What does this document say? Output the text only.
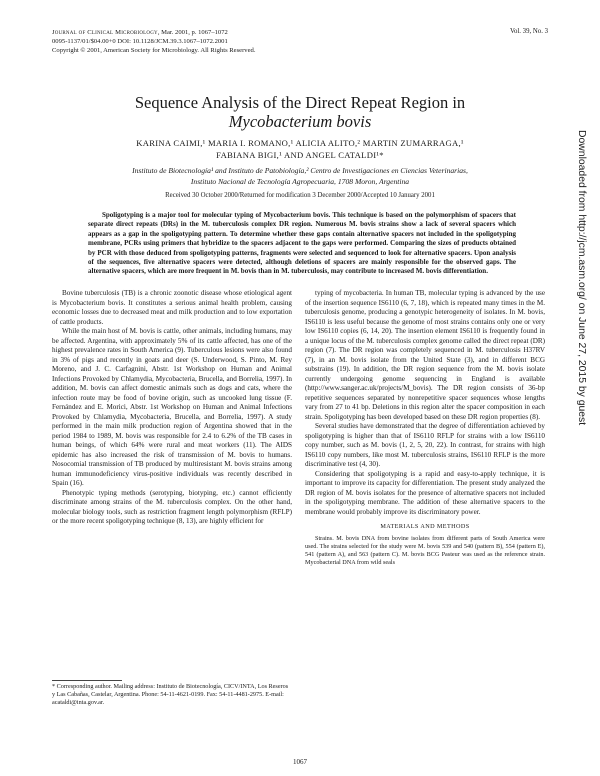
Journal of Clinical Microbiology, Mar. 2001, p. 1067–1072
0095-1137/01/$04.00+0 DOI: 10.1128/JCM.39.3.1067–1072.2001
Copyright © 2001, American Society for Microbiology. All Rights Reserved.
Vol. 39, No. 3
Sequence Analysis of the Direct Repeat Region in
Mycobacterium bovis
KARINA CAIMI,¹ MARIA I. ROMANO,¹ ALICIA ALITO,² MARTIN ZUMARRAGA,¹
FABIANA BIGI,¹ AND ANGEL CATALDI¹*
Instituto de Biotecnología¹ and Instituto de Patobiología,² Centro de Investigaciones en Ciencias Veterinarias,
Instituto Nacional de Tecnología Agropecuaria, 1708 Moron, Argentina
Received 30 October 2000/Returned for modification 3 December 2000/Accepted 10 January 2001

Spoligotyping is a major tool for molecular typing of Mycobacterium bovis. This technique is based on the polymorphism of spacers that separate direct repeats (DRs) in the M. tuberculosis complex DR region. Numerous M. bovis strains show a lack of several spacers which appears as a gap in the spoligotyping pattern. To determine whether these gaps contain alternative spacers not included in the spoligotyping membrane, PCRs using primers that hybridize to the spacers adjacent to the gaps were performed. Comparing the sizes of products obtained by PCR with those deduced from spoligotyping patterns, fragments were selected and sequenced to look for alternative spacers. Upon analysis of the sequences, five alternative spacers were detected, although deletions of spacers are mainly responsible for the observed gaps. The alternative spacers, which are more frequent in M. bovis than in M. tuberculosis, may contribute to increased M. bovis differentiation.

Bovine tuberculosis (TB) is a chronic zoonotic disease whose etiological agent is Mycobacterium bovis. It constitutes a serious animal health problem, causing economic losses due to decreased meat and milk production and to low exportation of cattle products.

While the main host of M. bovis is cattle, other animals, including humans, may be affected. Argentina, with approximately 5% of its cattle affected, has one of the highest prevalence rates in South America (9). Tuberculous lesions were also found in 3% of pigs and recently in goats and deer (S. Underwood, S. Pinto, M. Rey Moreno, and J. C. Carfagnini, Abstr. 1st Workshop on Human and Animal Infections Provoked by Chlamydia, Mycobacteria, Brucella, and Borrelia, 1997). In addition, M. bovis can affect domestic animals such as dogs and cats, where the infection route may be food of bovine origin, such as uncooked lung tissue (F. Fernández and E. Morici, Abstr. 1st Workshop on Human and Animal Infections Provoked by Chlamydia, Mycobacteria, Brucella, and Borrelia, 1997). A study performed in the main milk production region of Argentina showed that in the period 1984 to 1989, M. bovis was responsible for 2.4 to 6.2% of the TB cases in human beings, of which 64% were rural and meat workers (11). The AIDS epidemic has also increased the risk of transmission of M. bovis to humans. Nosocomial transmission of TB produced by multiresistant M. bovis strains among human immunodeficiency virus-positive individuals was recently described in Spain (16).

Phenotypic typing methods (serotyping, biotyping, etc.) cannot efficiently discriminate among strains of the M. tuberculosis complex. On the other hand, molecular biology tools, such as restriction fragment length polymorphism (RFLP) or the more recent spoligotyping technique (8, 13), are highly efficient for

typing of mycobacteria. In human TB, molecular typing is advanced by the use of the insertion sequence IS6110 (6, 7, 18), which is repeated many times in the M. tuberculosis genome, producing a genotypic heterogeneity of isolates. In M. bovis, IS6110 is less useful because the genome of most strains contains only one or very low IS6110 copies (6, 14, 20). The insertion element IS6110 is frequently found in a unique locus of the M. tuberculosis complex genome called the direct repeat (DR) region (7). The DR region was completely sequenced in M. tuberculosis H37RV (7), in an M. bovis isolate from the United State (3), and in different BCG substrains (19). In addition, the DR region sequence from the M. bovis isolate currently undergoing genome sequencing in England is available (http://www.sanger.ac.uk/projects/M_bovis). The DR region consists of 36-bp repetitive sequences separated by nonrepetitive spacer sequences whose lengths vary from 27 to 41 bp. Deletions in this region alter the spacer composition in each strain. Spoligotyping has been developed based on these DR region properties (8).

Several studies have demonstrated that the degree of differentiation achieved by spoligotyping is higher than that of IS6110 RFLP for strains with a low IS6110 copy number, such as M. bovis (1, 2, 5, 20, 22). In contrast, for strains with high IS6110 copy numbers, like most M. tuberculosis strains, IS6110 RFLP is the more discriminative test (4, 30).

Considering that spoligotyping is a rapid and easy-to-apply technique, it is important to improve its capacity for differentiation. The present study analyzed the DR region of M. bovis isolates for the presence of alternative spacers not included in the spoligotyping membrane. The addition of these alternative spacers to the membrane would probably improve its discriminatory power.

MATERIALS AND METHODS

Strains. M. bovis DNA from bovine isolates from different parts of South America were used. The strains selected for the study were M. bovis 539 and 540 (pattern B), 554 (pattern E), 541 (pattern A), and 563 (pattern C). M. bovis BCG Pasteur was used as the reference strain. Mycobacterial DNA from wild seals

* Corresponding author. Mailing address: Instituto de Biotecnología, CICV/INTA, Los Reseros y Las Cabañas, Castelar, Argentina. Phone: 54-11-4621-0199. Fax: 54-11-4481-2975. E-mail: acataldi@inta.gov.ar.
1067
Downloaded from http://jcm.asm.org/ on June 27, 2015 by guest
